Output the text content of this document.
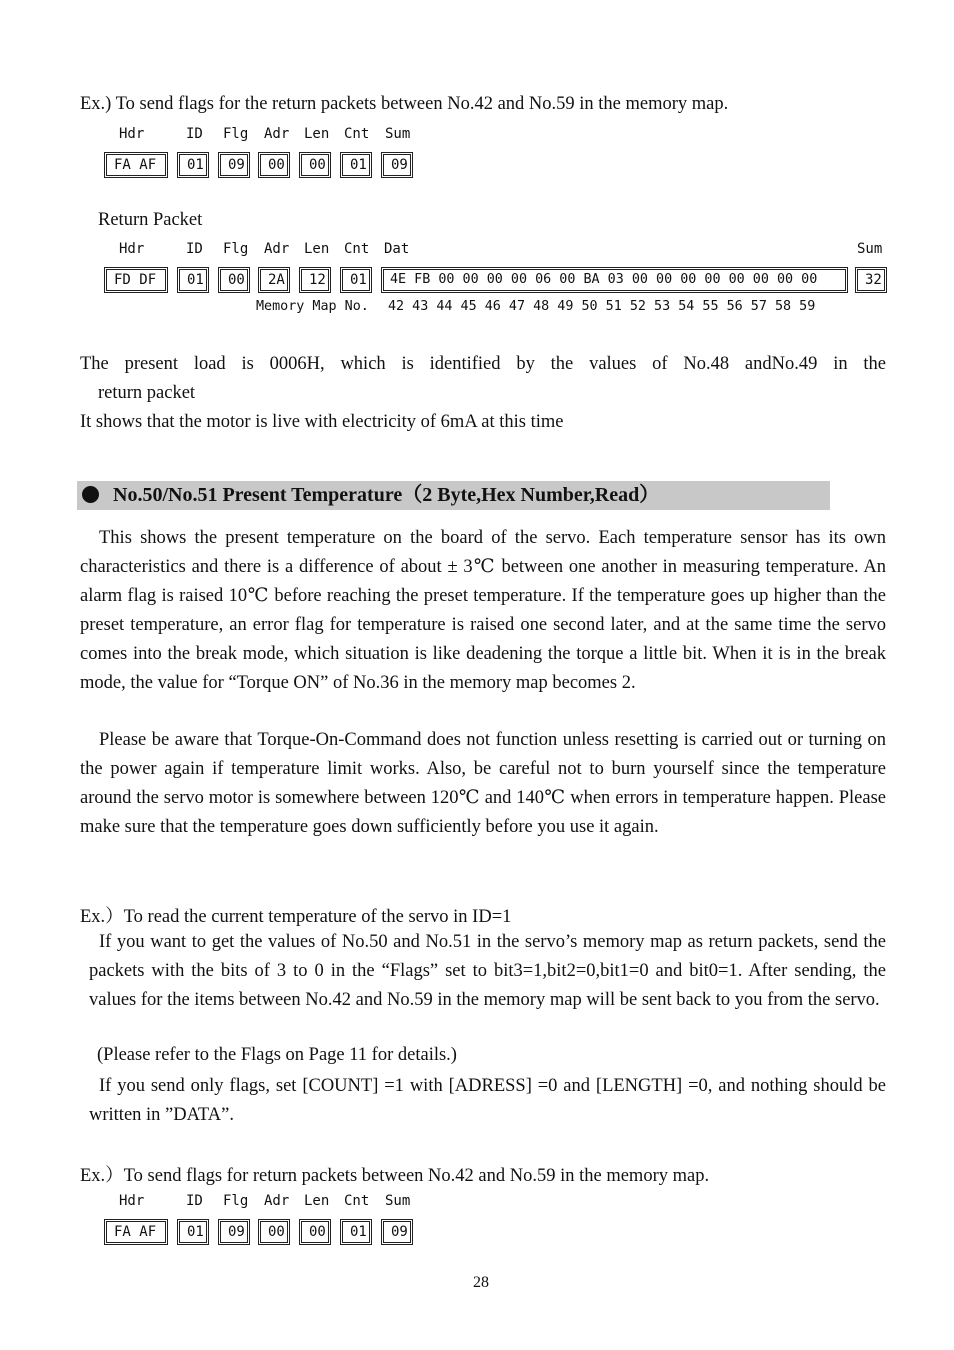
Ex.) To send flags for the return packets between No.42 and No.59 in the memory map.
Hdr	ID Flg Adr Len Cnt Sum
FA AF	01	09	00	00	01	09
Return Packet
Hdr	ID Flg Adr Len Cnt Dat	Sum
FD DF	01	00	2A	12	01	4E FB 00 00 00 00 06 00 BA 03 00 00 00 00 00 00 00 00	32
Memory Map No. 42 43 44 45 46 47 48 49 50 51 52 53 54 55 56 57 58 59
The present load is 0006H, which is identified by the values of No.48 andNo.49 in the
return packet
It shows that the motor is live with electricity of 6mA at this time
No.50/No.51 Present Temperature（2 Byte,Hex Number,Read）
This shows the present temperature on the board of the servo. Each temperature sensor has its own characteristics and there is a difference of about ± 3℃ between one another in measuring temperature. An alarm flag is raised 10℃ before reaching the preset temperature. If the temperature goes up higher than the preset temperature, an error flag for temperature is raised one second later, and at the same time the servo comes into the break mode, which situation is like deadening the torque a little bit. When it is in the break mode, the value for “Torque ON” of No.36 in the memory map becomes 2.
Please be aware that Torque-On-Command does not function unless resetting is carried out or turning on the power again if temperature limit works. Also, be careful not to burn yourself since the temperature around the servo motor is somewhere between 120℃ and 140℃ when errors in temperature happen. Please make sure that the temperature goes down sufficiently before you use it again.
Ex.）To read the current temperature of the servo in ID=1
If you want to get the values of No.50 and No.51 in the servo’s memory map as return packets, send the packets with the bits of 3 to 0 in the “Flags” set to bit3=1,bit2=0,bit1=0 and bit0=1. After sending, the values for the items between No.42 and No.59 in the memory map will be sent back to you from the servo.
(Please refer to the Flags on Page 11 for details.)
If you send only flags, set [COUNT] =1 with [ADRESS] =0 and [LENGTH] =0, and nothing should be written in ”DATA”.
Ex.）To send flags for return packets between No.42 and No.59 in the memory map.
Hdr	ID Flg Adr Len Cnt Sum
FA AF	01	09	00	00	01	09
28
